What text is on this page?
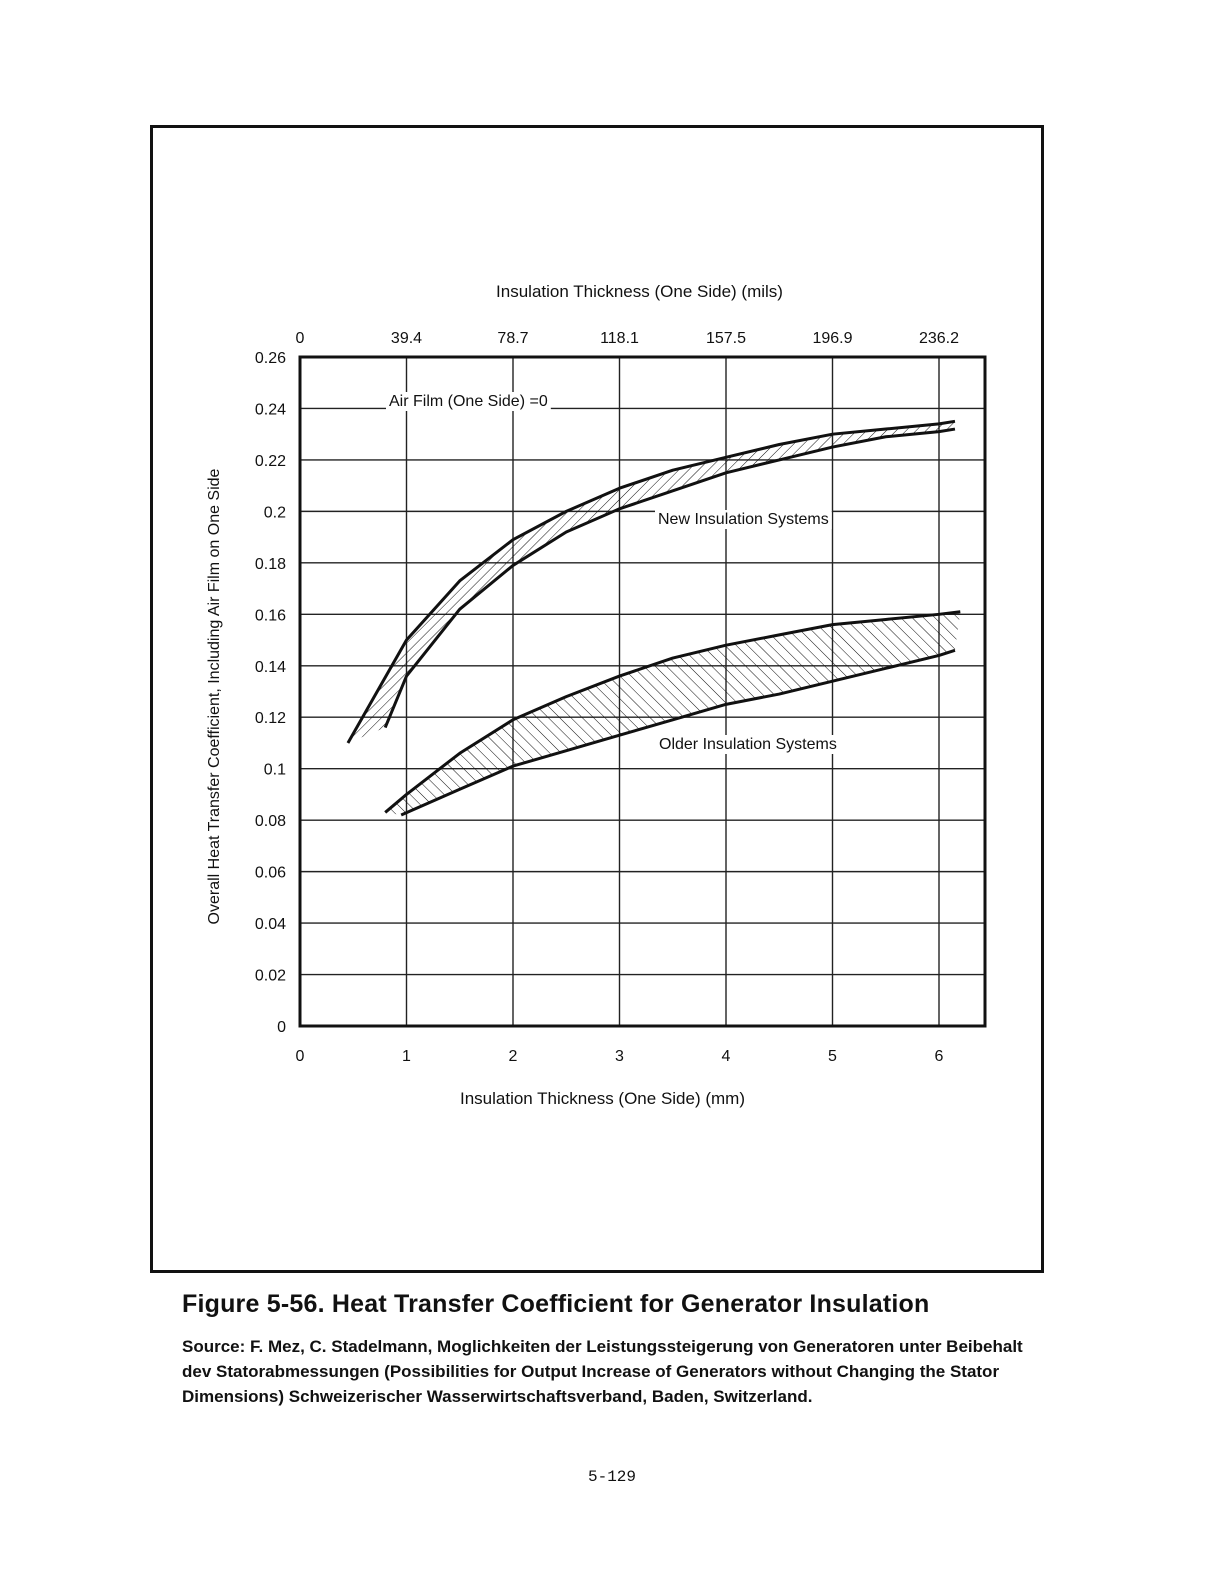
0
0.02
0.04
0.06
0.08
0.1
0.12
0.14
0.16
0.18
0.2
0.22
0.24
0.26
0	1	2	3	4	5	6
0	39.4	78.7	118.1	157.5	196.9	236.2
Insulation Thickness (One Side) (mm)
Insulation Thickness (One Side) (mils)
Overall Heat Transfer Coefficient, Including Air Film on One Side
Air Film (One Side) =0
New Insulation Systems
Older Insulation Systems
Figure 5-56. Heat Transfer Coefficient for Generator Insulation
Source: F. Mez, C. Stadelmann, Moglichkeiten der Leistungssteigerung von Generatoren unter Beibehalt dev Statorabmessungen (Possibilities for Output Increase of Generators without Changing the Stator Dimensions) Schweizerischer Wasserwirtschaftsverband, Baden, Switzerland.
5-129
